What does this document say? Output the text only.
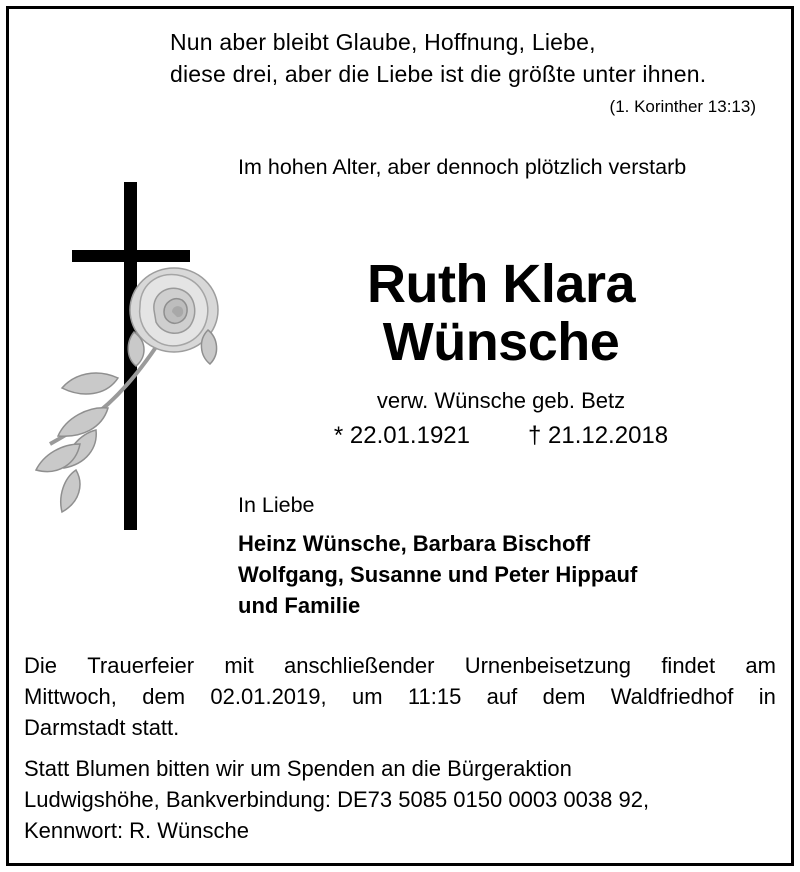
Nun aber bleibt Glaube, Hoffnung, Liebe,
diese drei, aber die Liebe ist die größte unter ihnen.
(1. Korinther 13:13)
Im hohen Alter, aber dennoch plötzlich verstarb
Ruth Klara
Wünsche
verw. Wünsche geb. Betz
* 22.01.1921 † 21.12.2018
In Liebe
Heinz Wünsche, Barbara Bischoff
Wolfgang, Susanne und Peter Hippauf
und Familie
Die Trauerfeier mit anschließender Urnenbeisetzung findet am
Mittwoch, dem 02.01.2019, um 11:15 auf dem Waldfriedhof in
Darmstadt statt.
Statt Blumen bitten wir um Spenden an die Bürgeraktion
Ludwigshöhe, Bankverbindung: DE73 5085 0150 0003 0038 92,
Kennwort: R. Wünsche
